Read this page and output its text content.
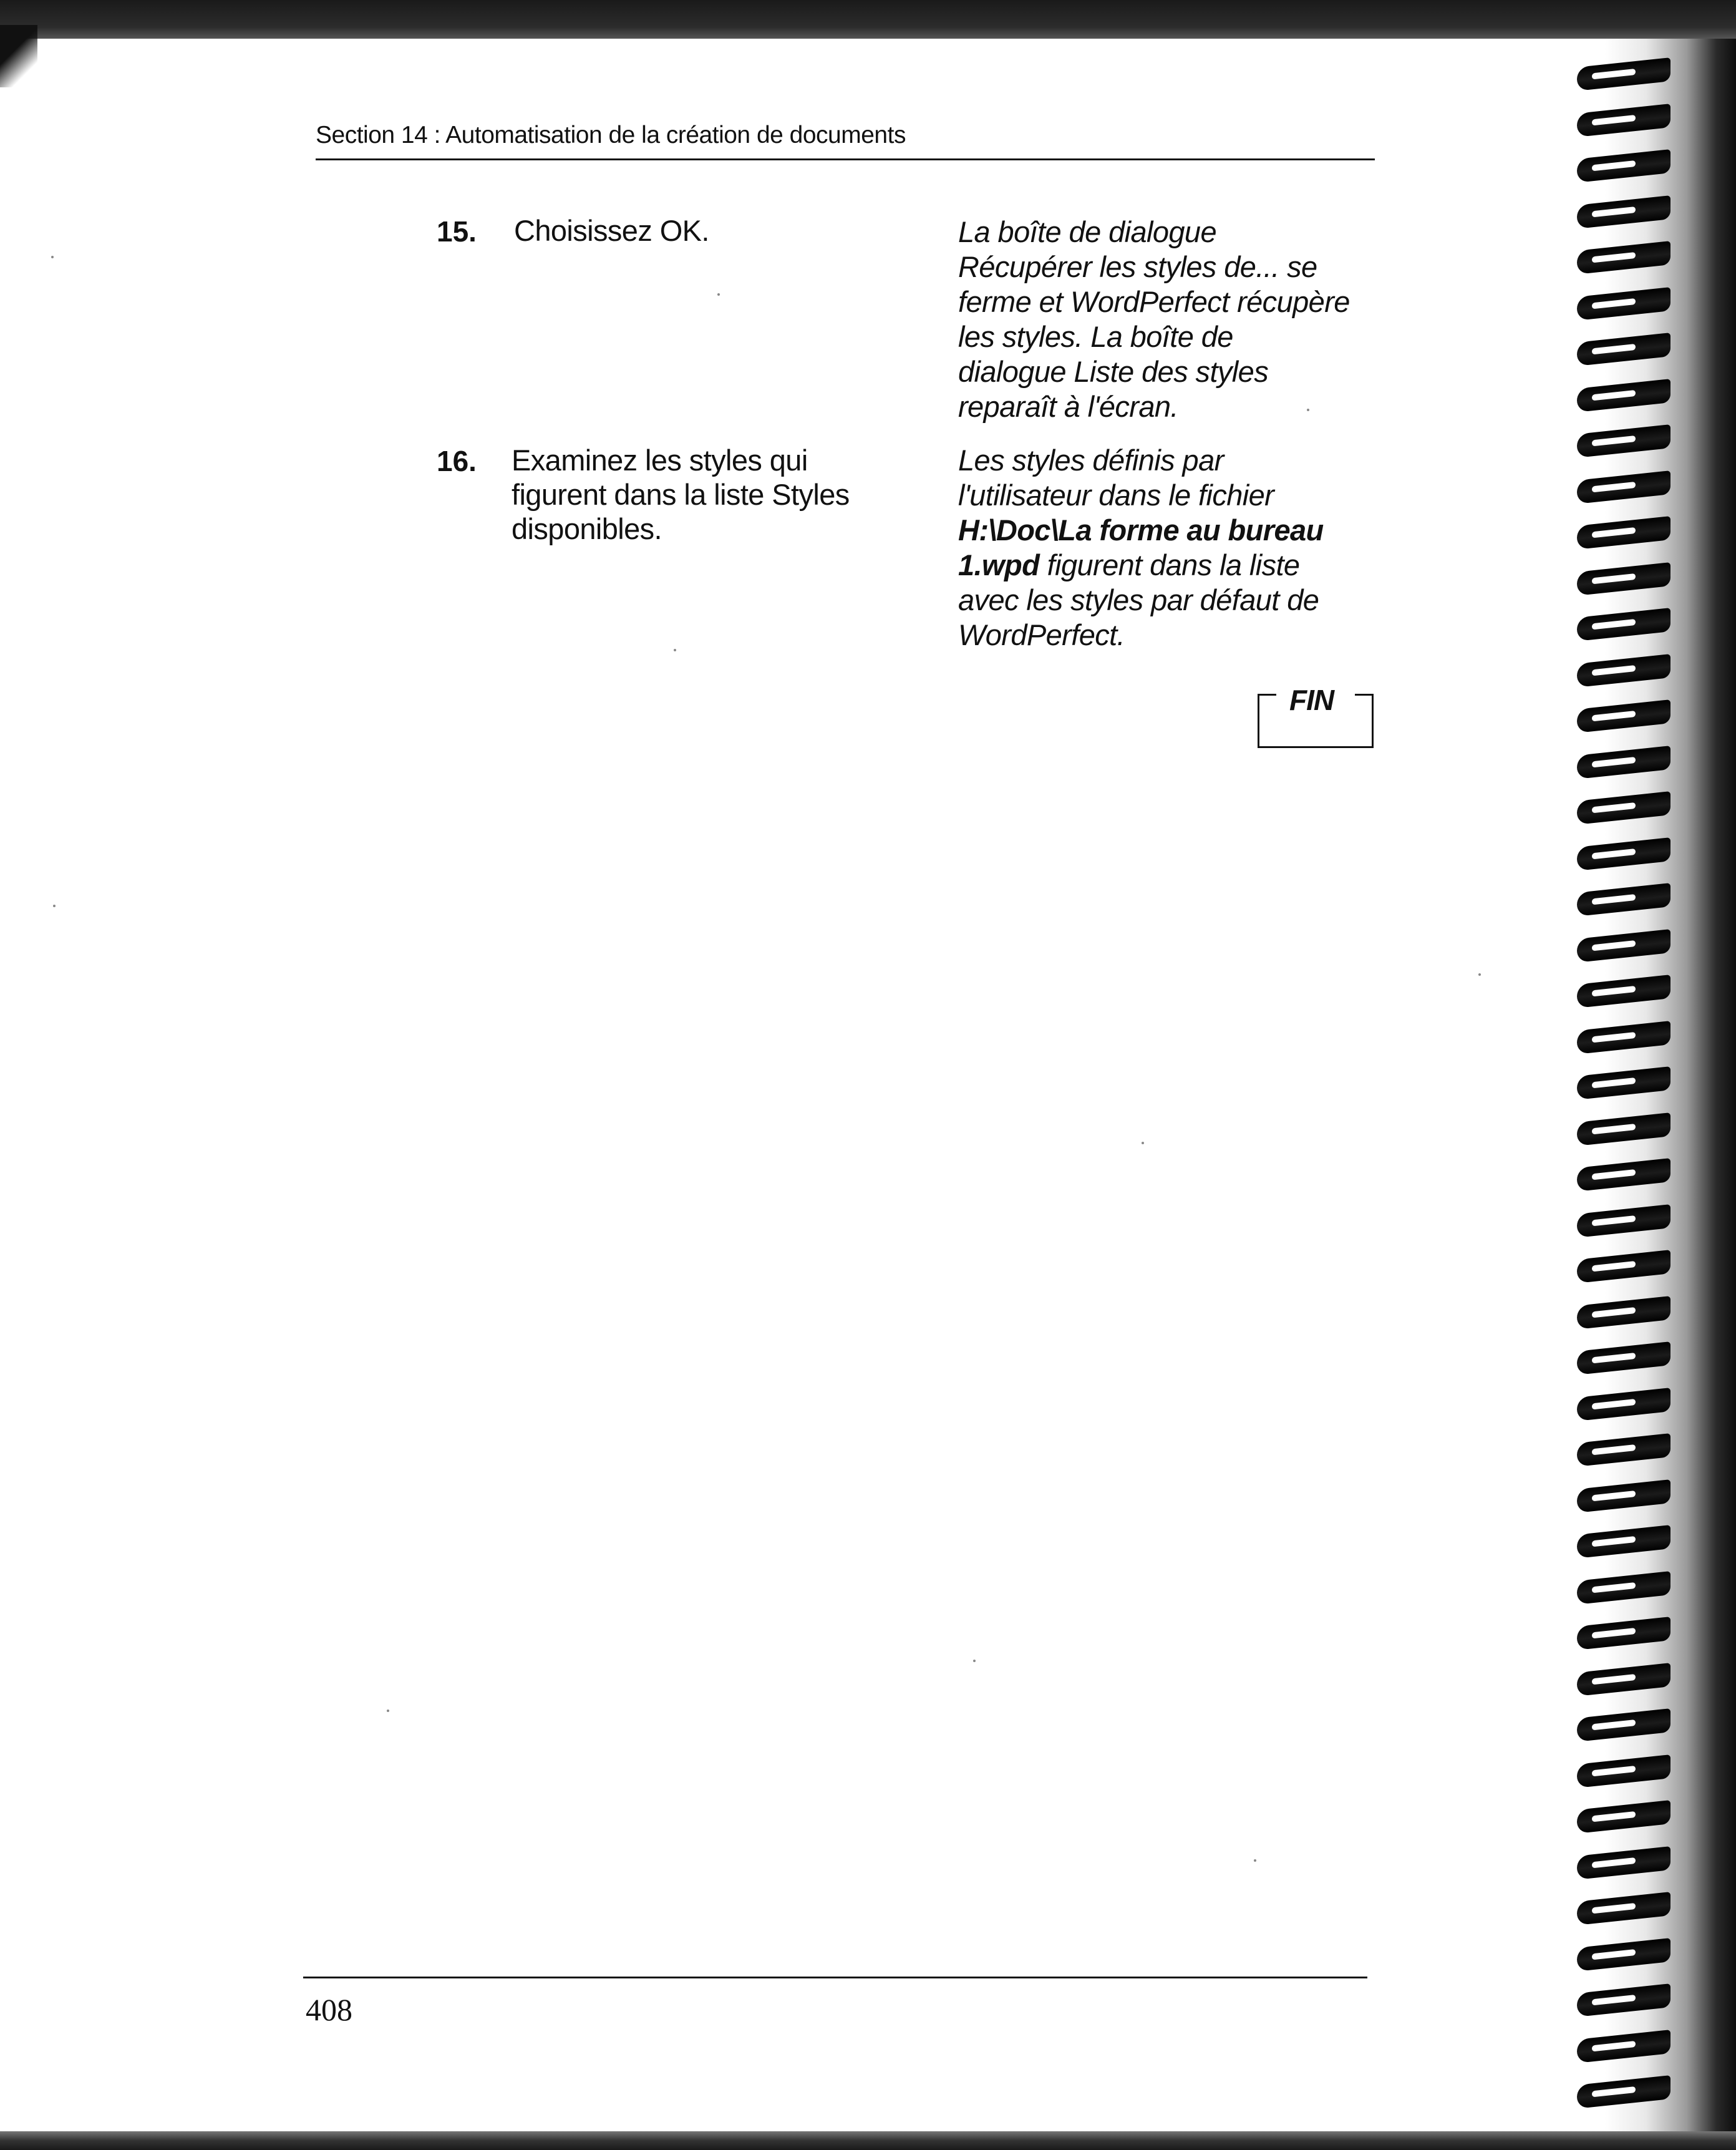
Section 14 : Automatisation de la création de documents
15. Choisissez OK.	La boîte de dialogue
Récupérer les styles de... se
ferme et WordPerfect récupère
les styles. La boîte de
dialogue Liste des styles
reparaît à l'écran.
16. Examinez les styles qui
figurent dans la liste Styles
disponibles.
Les styles définis par
l'utilisateur dans le fichier
H:\Doc\La forme au bureau
1.wpd figurent dans la liste
avec les styles par défaut de
WordPerfect.
FIN
408
